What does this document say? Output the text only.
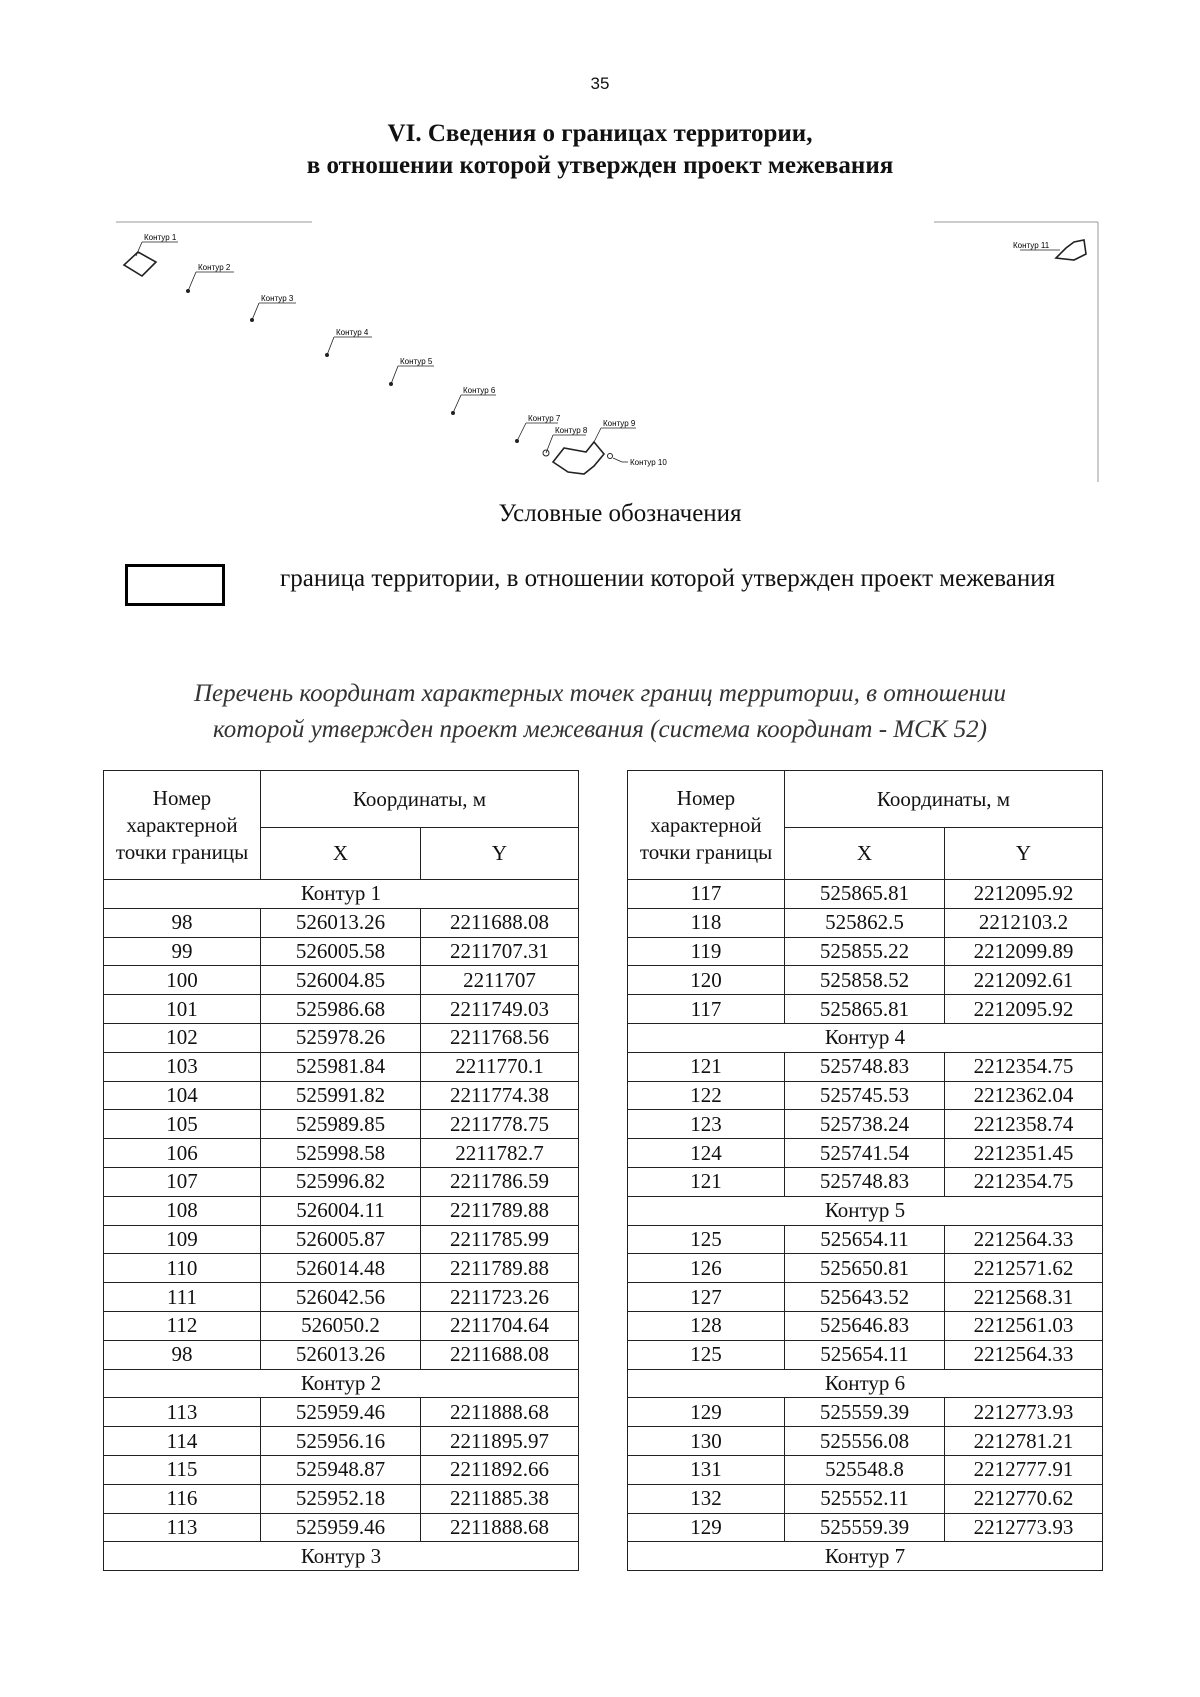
35
VI. Сведения о границах территории,
в отношении которой утвержден проект межевания
Контур 1
Контур 2
Контур 3
Контур 4
Контур 5
Контур 6
Контур 7
Контур 8
Контур 9
Контур 10
Контур 11
Условные обозначения
граница территории, в отношении которой утвержден проект межевания
Перечень координат характерных точек границ территории, в отношении
которой утвержден проект межевания (система координат - МСК 52)
Номер характерной точки границы	Координаты, м	
	X	Y
Контур 1		
98	526013.26	2211688.08
99	526005.58	2211707.31
100	526004.85	2211707
101	525986.68	2211749.03
102	525978.26	2211768.56
103	525981.84	2211770.1
104	525991.82	2211774.38
105	525989.85	2211778.75
106	525998.58	2211782.7
107	525996.82	2211786.59
108	526004.11	2211789.88
109	526005.87	2211785.99
110	526014.48	2211789.88
111	526042.56	2211723.26
112	526050.2	2211704.64
98	526013.26	2211688.08
Контур 2		
113	525959.46	2211888.68
114	525956.16	2211895.97
115	525948.87	2211892.66
116	525952.18	2211885.38
113	525959.46	2211888.68
Контур 3		
Номер характерной точки границы	Координаты, м	
	X	Y
117	525865.81	2212095.92
118	525862.5	2212103.2
119	525855.22	2212099.89
120	525858.52	2212092.61
117	525865.81	2212095.92
Контур 4		
121	525748.83	2212354.75
122	525745.53	2212362.04
123	525738.24	2212358.74
124	525741.54	2212351.45
121	525748.83	2212354.75
Контур 5		
125	525654.11	2212564.33
126	525650.81	2212571.62
127	525643.52	2212568.31
128	525646.83	2212561.03
125	525654.11	2212564.33
Контур 6		
129	525559.39	2212773.93
130	525556.08	2212781.21
131	525548.8	2212777.91
132	525552.11	2212770.62
129	525559.39	2212773.93
Контур 7		
